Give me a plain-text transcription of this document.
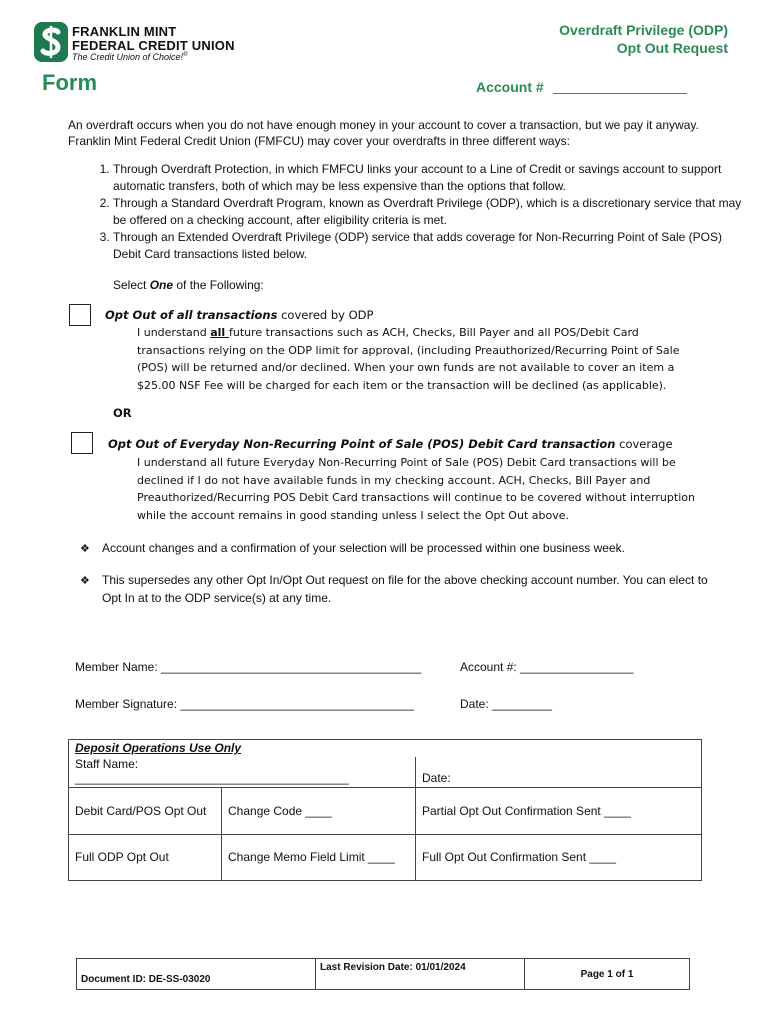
FRANKLIN MINT
FEDERAL CREDIT UNION
The Credit Union of Choice!®
Overdraft Privilege (ODP)
Opt Out Request
Form	Account #
An overdraft occurs when you do not have enough money in your account to cover a transaction, but we pay it anyway. Franklin Mint Federal Credit Union (FMFCU) may cover your overdrafts in three different ways:
1. Through Overdraft Protection, in which FMFCU links your account to a Line of Credit or savings account to support automatic transfers, both of which may be less expensive than the options that follow.
2. Through a Standard Overdraft Program, known as Overdraft Privilege (ODP), which is a discretionary service that may be offered on a checking account, after eligibility criteria is met.
3. Through an Extended Overdraft Privilege (ODP) service that adds coverage for Non-Recurring Point of Sale (POS) Debit Card transactions listed below.
Select One of the Following:
Opt Out of all transactions covered by ODP
I understand all future transactions such as ACH, Checks, Bill Payer and all POS/Debit Card transactions relying on the ODP limit for approval, (including Preauthorized/Recurring Point of Sale (POS) will be returned and/or declined. When your own funds are not available to cover an item a $25.00 NSF Fee will be charged for each item or the transaction will be declined (as applicable).
OR
Opt Out of Everyday Non-Recurring Point of Sale (POS) Debit Card transaction coverage
I understand all future Everyday Non-Recurring Point of Sale (POS) Debit Card transactions will be declined if I do not have available funds in my checking account. ACH, Checks, Bill Payer and Preauthorized/Recurring POS Debit Card transactions will continue to be covered without interruption while the account remains in good standing unless I select the Opt Out above.
❖ Account changes and a confirmation of your selection will be processed within one business week.
❖ This supersedes any other Opt In/Opt Out request on file for the above checking account number. You can elect to Opt In at to the ODP service(s) at any time.
Member Name: _______________________________________	Account #: _________________
Member Signature: ___________________________________	Date: _________
Deposit Operations Use Only		
Staff Name: _________________________________________		Date:
Debit Card/POS Opt Out	Change Code ____	Partial Opt Out Confirmation Sent ____
Full ODP Opt Out	Change Memo Field Limit ____	Full Opt Out Confirmation Sent ____
Document ID: DE-SS-03020	Last Revision Date: 01/01/2024	Page 1 of 1
